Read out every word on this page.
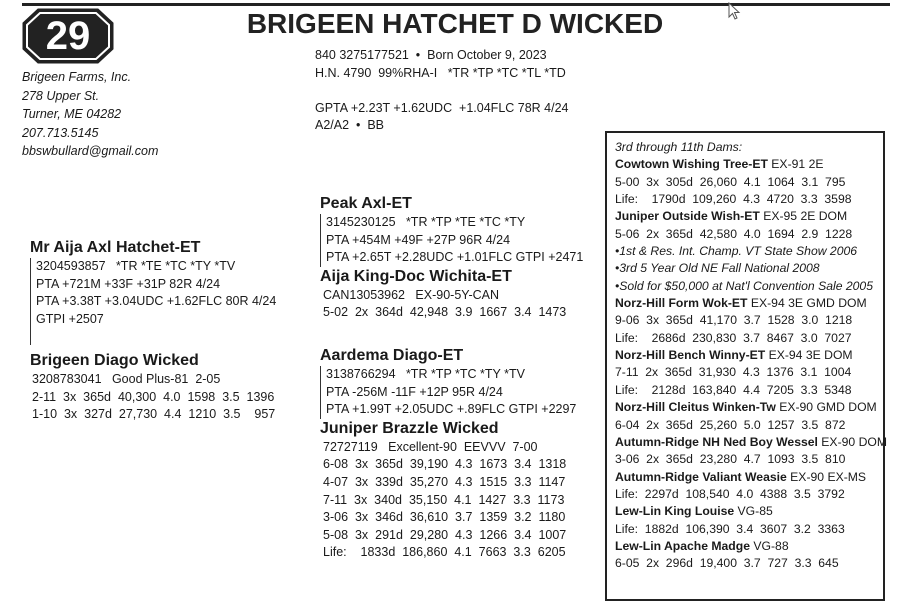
29	BRIGEEN HATCHET D WICKED
Brigeen Farms, Inc.
278 Upper St.
Turner, ME 04282
207.713.5145
bbswbullard@gmail.com
840 3275177521  •  Born October 9, 2023
H.N. 4790  99%RHA-I   *TR *TP *TC *TL *TD
GPTA +2.23T +1.62UDC  +1.04FLC 78R 4/24
A2/A2  •  BB
Mr Aija Axl Hatchet-ET
3204593857   *TR *TE *TC *TY *TV
PTA +721M +33F +31P 82R 4/24
PTA +3.38T +3.04UDC +1.62FLC 80R 4/24
GTPI +2507
Brigeen Diago Wicked
3208783041   Good Plus-81  2-05
2-11  3x  365d  40,300  4.0  1598  3.5  1396
1-10  3x  327d  27,730  4.4  1210  3.5    957
Peak Axl-ET
3145230125   *TR *TP *TE *TC *TY
PTA +454M +49F +27P 96R 4/24
PTA +2.65T +2.28UDC +1.01FLC GTPI +2471
Aija King-Doc Wichita-ET
CAN13053962   EX-90-5Y-CAN
5-02  2x  364d  42,948  3.9  1667  3.4  1473
Aardema Diago-ET
3138766294   *TR *TP *TC *TY *TV
PTA -256M -11F +12P 95R 4/24
PTA +1.99T +2.05UDC +.89FLC GTPI +2297
Juniper Brazzle Wicked
72727119   Excellent-90  EEVVV  7-00
6-08  3x  365d  39,190  4.3  1673  3.4  1318
4-07  3x  339d  35,270  4.3  1515  3.3  1147
7-11  3x  340d  35,150  4.1  1427  3.3  1173
3-06  3x  346d  36,610  3.7  1359  3.2  1180
5-08  3x  291d  29,280  4.3  1266  3.4  1007
Life:    1833d  186,860  4.1  7663  3.3  6205
3rd through 11th Dams:
Cowtown Wishing Tree-ET EX-91 2E
5-00  3x  305d  26,060  4.1  1064  3.1  795
Life:    1790d  109,260  4.3  4720  3.3  3598
Juniper Outside Wish-ET EX-95 2E DOM
5-06  2x  365d  42,580  4.0  1694  2.9  1228
•1st & Res. Int. Champ. VT State Show 2006
•3rd 5 Year Old NE Fall National 2008
•Sold for $50,000 at Nat'l Convention Sale 2005
Norz-Hill Form Wok-ET EX-94 3E GMD DOM
9-06  3x  365d  41,170  3.7  1528  3.0  1218
Life:    2686d  230,830  3.7  8467  3.0  7027
Norz-Hill Bench Winny-ET EX-94 3E DOM
7-11  2x  365d  31,930  4.3  1376  3.1  1004
Life:    2128d  163,840  4.4  7205  3.3  5348
Norz-Hill Cleitus Winken-Tw EX-90 GMD DOM
6-04  2x  365d  25,260  5.0  1257  3.5  872
Autumn-Ridge NH Ned Boy Wessel EX-90 DOM
3-06  2x  365d  23,280  4.7  1093  3.5  810
Autumn-Ridge Valiant Weasie EX-90 EX-MS
Life:  2297d  108,540  4.0  4388  3.5  3792
Lew-Lin King Louise VG-85
Life:  1882d  106,390  3.4  3607  3.2  3363
Lew-Lin Apache Madge VG-88
6-05  2x  296d  19,400  3.7  727  3.3  645
